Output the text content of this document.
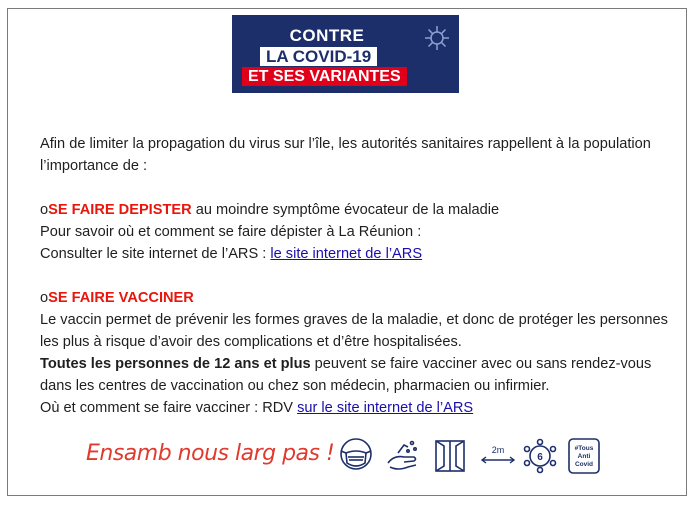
CONTRE
LA COVID-19
ET SES VARIANTES

Afin de limiter la propagation du virus sur l’île, les autorités sanitaires rappellent à la population l’importance de :

oSE FAIRE DEPISTER au moindre symptôme évocateur de la maladie

Pour savoir où et comment se faire dépister à La Réunion :

Consulter le site internet de l’ARS : le site internet de l’ARS

oSE FAIRE VACCINER

Le vaccin permet de prévenir les formes graves de la maladie, et donc de protéger les personnes les plus à risque d’avoir des complications et d’être hospitalisées.

Toutes les personnes de 12 ans et plus peuvent se faire vacciner avec ou sans rendez-vous dans les centres de vaccination ou chez son médecin, pharmacien ou infirmier.

Où et comment se faire vacciner : RDV sur le site internet de l’ARS

Ensamb nous larg pas !	2m
6
#Tous
Anti
Covid
